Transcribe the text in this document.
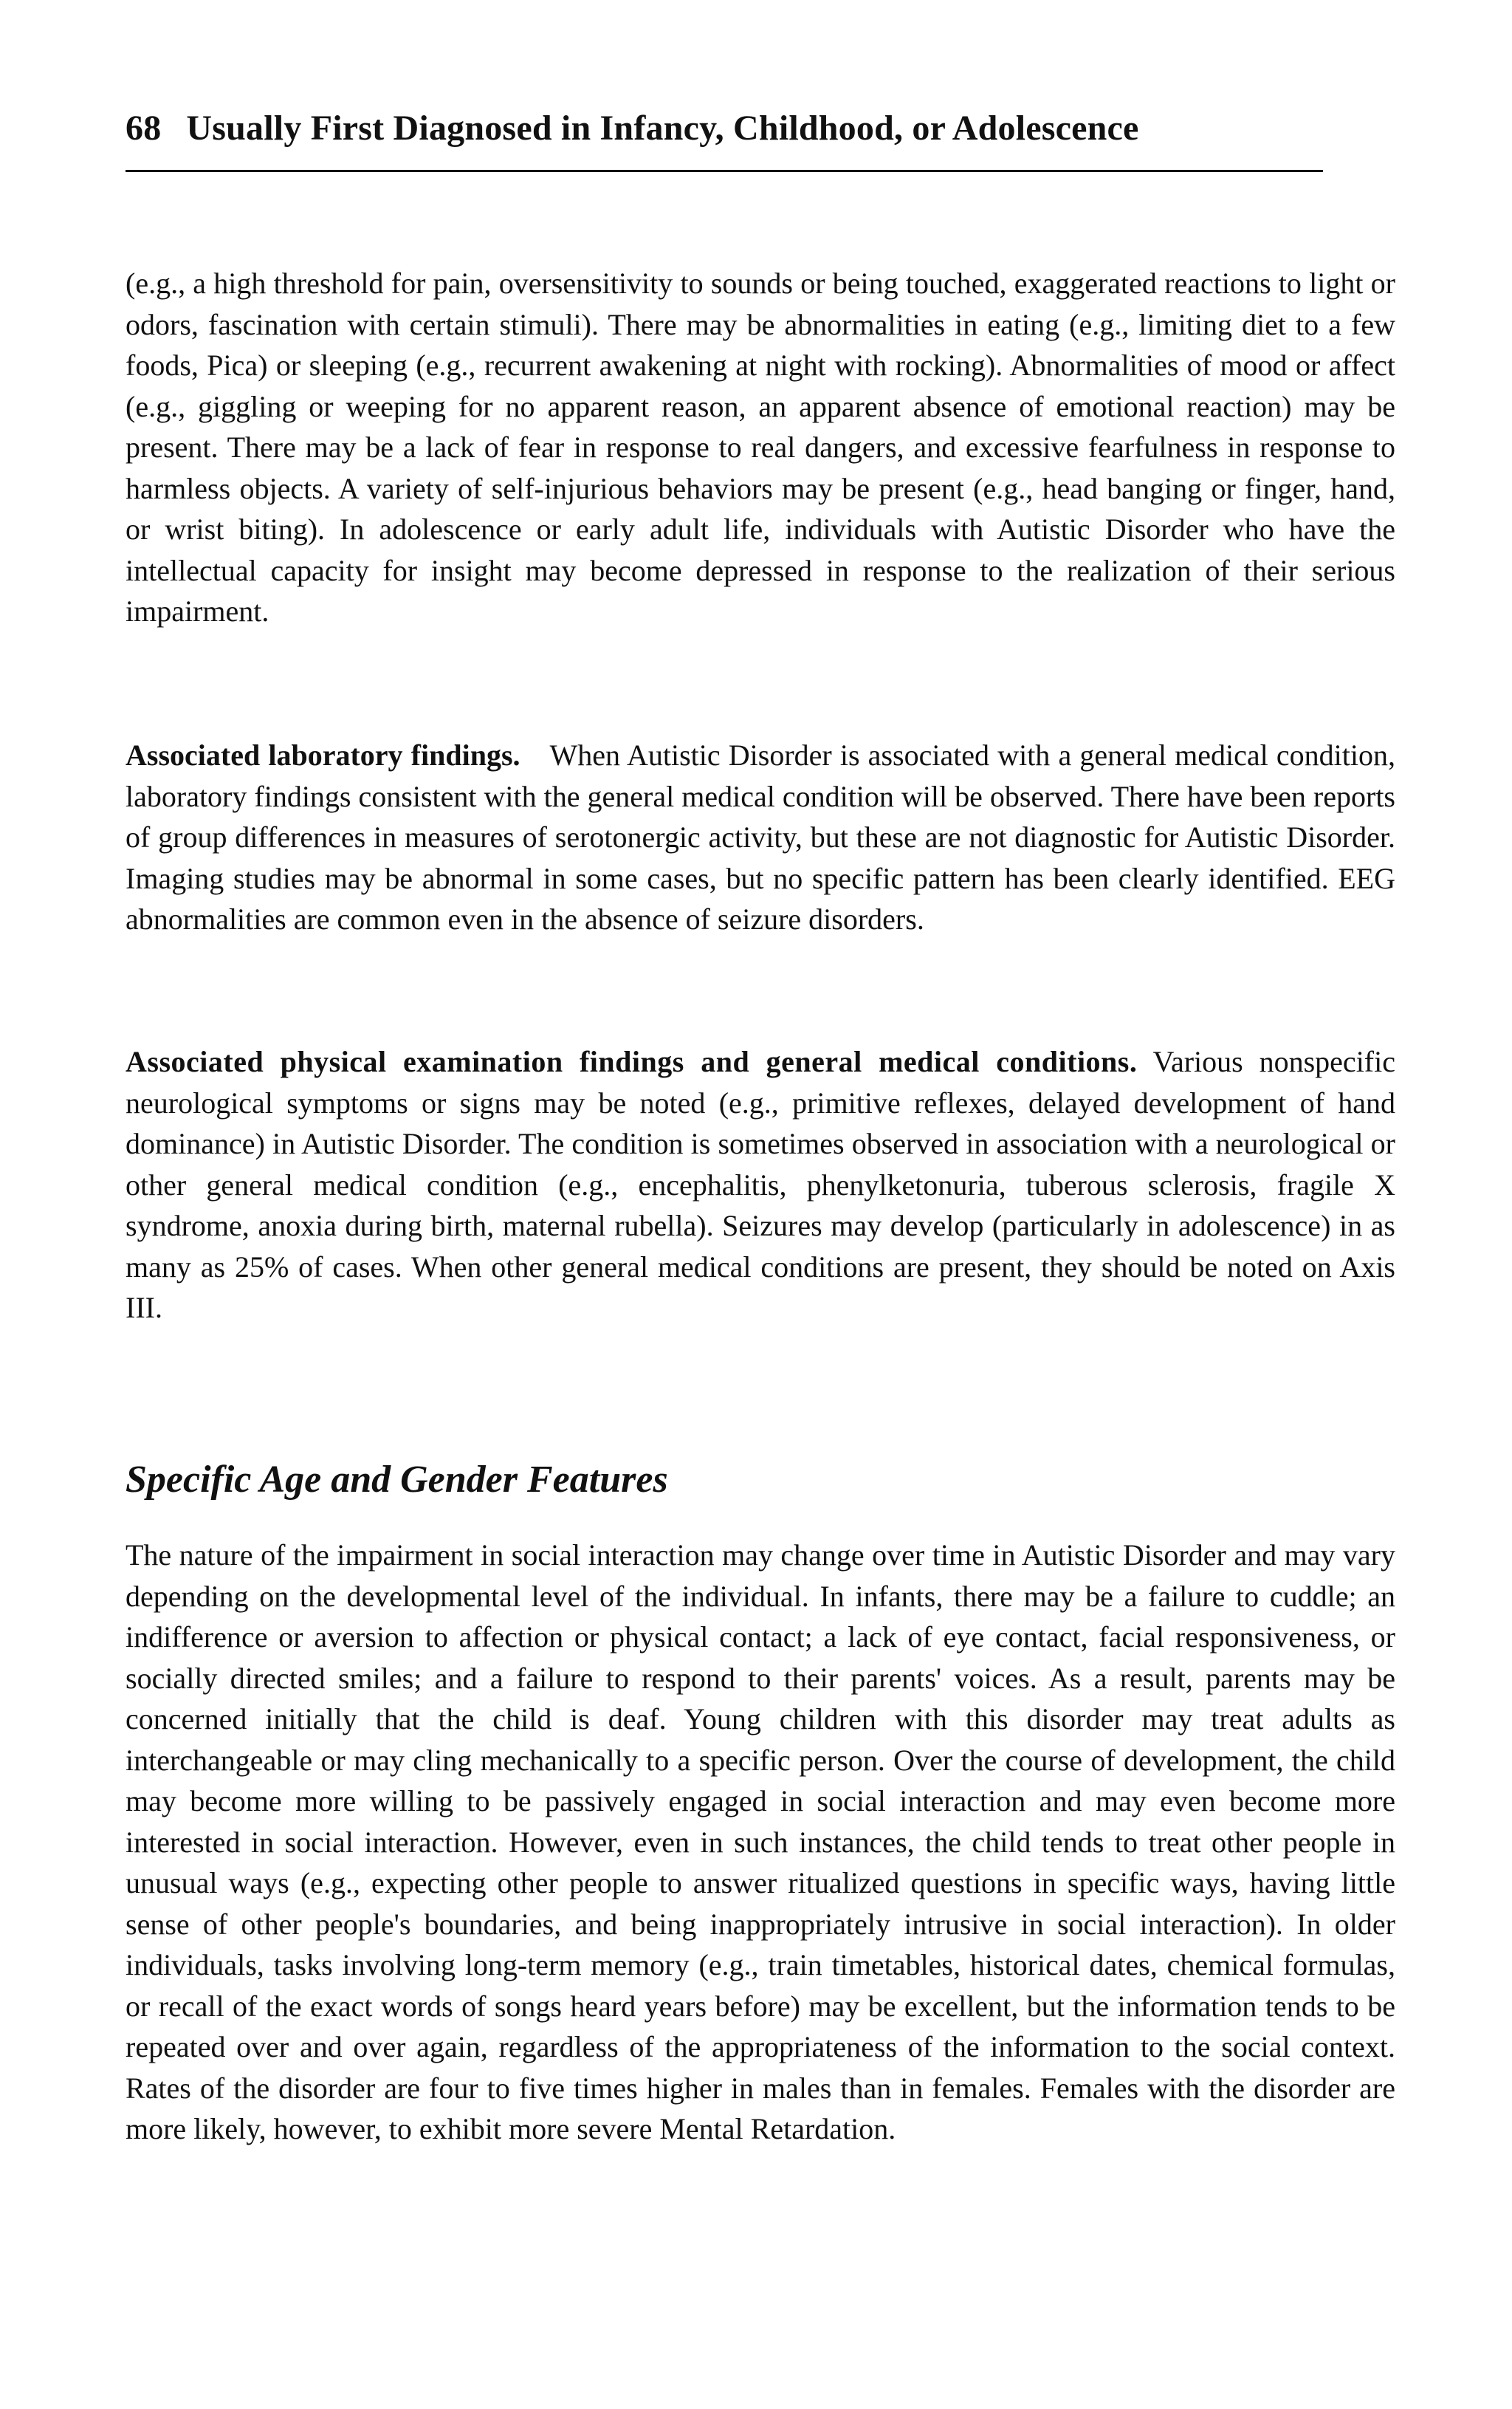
68 Usually First Diagnosed in Infancy, Childhood, or Adolescence

(e.g., a high threshold for pain, oversensitivity to sounds or being touched, exaggerated reactions to light or odors, fascination with certain stimuli). There may be abnormalities in eating (e.g., limiting diet to a few foods, Pica) or sleeping (e.g., recurrent awakening at night with rocking). Abnormalities of mood or affect (e.g., giggling or weeping for no apparent reason, an apparent absence of emotional reaction) may be present. There may be a lack of fear in response to real dangers, and excessive fearfulness in response to harmless objects. A variety of self-injurious behaviors may be present (e.g., head banging or finger, hand, or wrist biting). In adolescence or early adult life, individuals with Autistic Disorder who have the intellectual capacity for insight may become depressed in response to the realization of their serious impairment.

Associated laboratory findings.  When Autistic Disorder is associated with a general medical condition, laboratory findings consistent with the general medical condition will be observed. There have been reports of group differences in measures of serotonergic activity, but these are not diagnostic for Autistic Disorder. Imaging studies may be abnormal in some cases, but no specific pattern has been clearly identified. EEG abnormalities are common even in the absence of seizure disorders.

Associated physical examination findings and general medical conditions. Various nonspecific neurological symptoms or signs may be noted (e.g., primitive reflexes, delayed development of hand dominance) in Autistic Disorder. The condition is sometimes observed in association with a neurological or other general medical condition (e.g., encephalitis, phenylketonuria, tuberous sclerosis, fragile X syndrome, anoxia during birth, maternal rubella). Seizures may develop (particularly in adolescence) in as many as 25% of cases. When other general medical conditions are present, they should be noted on Axis III.

Specific Age and Gender Features

The nature of the impairment in social interaction may change over time in Autistic Disorder and may vary depending on the developmental level of the individual. In infants, there may be a failure to cuddle; an indifference or aversion to affection or physical contact; a lack of eye contact, facial responsiveness, or socially directed smiles; and a failure to respond to their parents' voices. As a result, parents may be concerned initially that the child is deaf. Young children with this disorder may treat adults as interchangeable or may cling mechanically to a specific person. Over the course of development, the child may become more willing to be passively engaged in social interaction and may even become more interested in social interaction. However, even in such instances, the child tends to treat other people in unusual ways (e.g., expecting other people to answer ritualized questions in specific ways, having little sense of other people's boundaries, and being inappropriately intrusive in social interaction). In older individuals, tasks involving long-term memory (e.g., train timetables, historical dates, chemical formulas, or recall of the exact words of songs heard years before) may be excellent, but the information tends to be repeated over and over again, regardless of the appropriateness of the information to the social context. Rates of the disorder are four to five times higher in males than in females. Females with the disorder are more likely, however, to exhibit more severe Mental Retardation.
